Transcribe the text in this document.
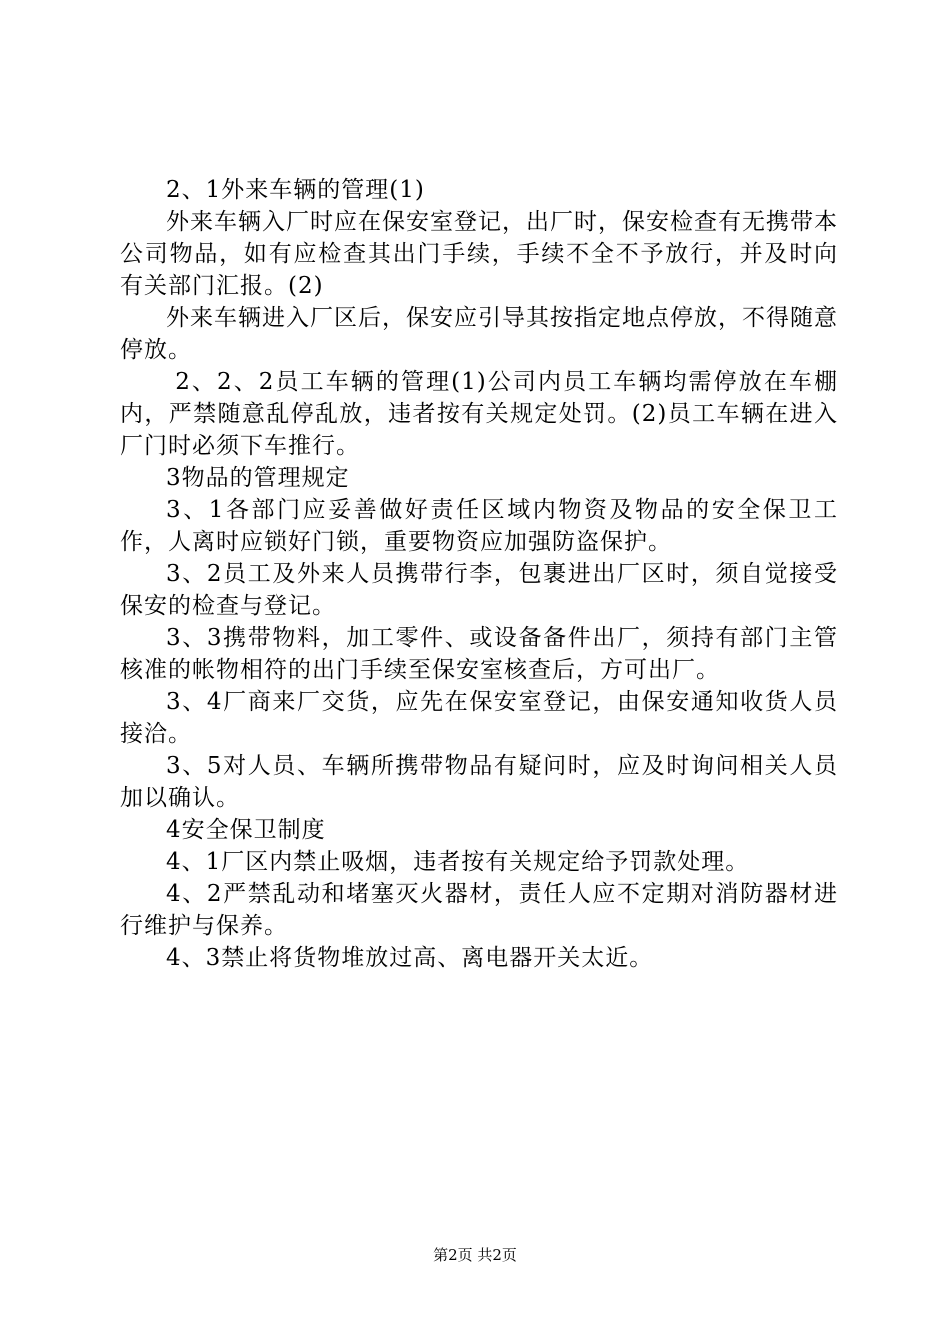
2、1外来车辆的管理(1)

外来车辆入厂时应在保安室登记，出厂时，保安检查有无携带本公司物品，如有应检查其出门手续，手续不全不予放行，并及时向有关部门汇报。(2)

外来车辆进入厂区后，保安应引导其按指定地点停放，不得随意停放。

2、2、2员工车辆的管理(1)公司内员工车辆均需停放在车棚内，严禁随意乱停乱放，违者按有关规定处罚。(2)员工车辆在进入厂门时必须下车推行。

3物品的管理规定

3、1各部门应妥善做好责任区域内物资及物品的安全保卫工作，人离时应锁好门锁，重要物资应加强防盗保护。

3、2员工及外来人员携带行李，包裹进出厂区时，须自觉接受保安的检查与登记。

3、3携带物料，加工零件、或设备备件出厂，须持有部门主管核准的帐物相符的出门手续至保安室核查后，方可出厂。

3、4厂商来厂交货，应先在保安室登记，由保安通知收货人员接洽。

3、5对人员、车辆所携带物品有疑问时，应及时询问相关人员加以确认。

4安全保卫制度

4、1厂区内禁止吸烟，违者按有关规定给予罚款处理。

4、2严禁乱动和堵塞灭火器材，责任人应不定期对消防器材进行维护与保养。

4、3禁止将货物堆放过高、离电器开关太近。

第2页 共2页
